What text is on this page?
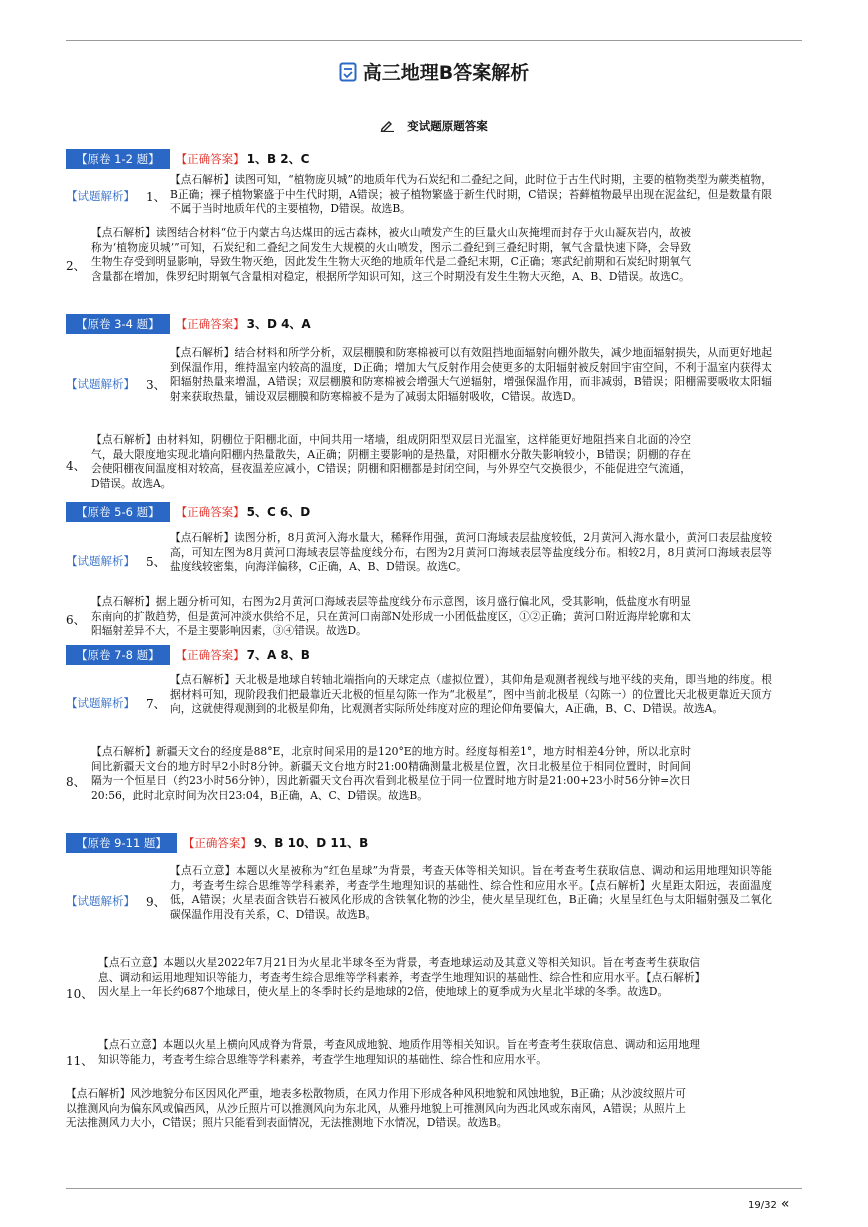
高三地理B答案解析
变试题原题答案
【原卷 1-2 题】 【正确答案】 1、B 2、C
【试题解析】 1、
【点石解析】读图可知，“植物庞贝城”的地质年代为石炭纪和二叠纪之间，此时位于古生代时期，主要的植物类型为蕨类植物，B正确；裸子植物繁盛于中生代时期，A错误；被子植物繁盛于新生代时期，C错误；苔藓植物最早出现在泥盆纪，但是数量有限不属于当时地质年代的主要植物，D错误。故选B。
2、
【点石解析】读图结合材料“位于内蒙古乌达煤田的远古森林，被火山喷发产生的巨量火山灰掩埋而封存于火山凝灰岩内，故被称为‘植物庞贝城’”可知，石炭纪和二叠纪之间发生大规模的火山喷发，图示二叠纪到三叠纪时期，氧气含量快速下降，会导致生物生存受到明显影响，导致生物灭绝，因此发生生物大灭绝的地质年代是二叠纪末期，C正确；寒武纪前期和石炭纪时期氧气含量都在增加，侏罗纪时期氧气含量相对稳定，根据所学知识可知，这三个时期没有发生生物大灭绝，A、B、D错误。故选C。
【原卷 3-4 题】 【正确答案】 3、D 4、A
【试题解析】 3、
【点石解析】结合材料和所学分析，双层棚膜和防寒棉被可以有效阻挡地面辐射向棚外散失，减少地面辐射损失，从而更好地起到保温作用，维持温室内较高的温度，D正确；增加大气反射作用会使更多的太阳辐射被反射回宇宙空间，不利于温室内获得太阳辐射热量来增温，A错误；双层棚膜和防寒棉被会增强大气逆辐射，增强保温作用，而非减弱，B错误；阳棚需要吸收太阳辐射来获取热量，铺设双层棚膜和防寒棉被不是为了减弱太阳辐射吸收，C错误。故选D。
4、
【点石解析】由材料知，阴棚位于阳棚北面，中间共用一堵墙，组成阴阳型双层日光温室，这样能更好地阻挡来自北面的冷空气，最大限度地实现北墙向阳棚内热量散失，A正确；阴棚主要影响的是热量，对阳棚水分散失影响较小，B错误；阴棚的存在会使阳棚夜间温度相对较高，昼夜温差应减小，C错误；阴棚和阳棚都是封闭空间，与外界空气交换很少，不能促进空气流通，D错误。故选A。
【原卷 5-6 题】 【正确答案】 5、C 6、D
【试题解析】 5、
【点石解析】读图分析，8月黄河入海水量大，稀释作用强，黄河口海域表层盐度较低，2月黄河入海水量小，黄河口表层盐度较高，可知左图为8月黄河口海域表层等盐度线分布，右图为2月黄河口海域表层等盐度线分布。相较2月，8月黄河口海域表层等盐度线较密集，向海洋偏移，C正确，A、B、D错误。故选C。
6、
【点石解析】据上题分析可知，右图为2月黄河口海域表层等盐度线分布示意图，该月盛行偏北风，受其影响，低盐度水有明显东南向的扩散趋势，但是黄河冲淡水供给不足，只在黄河口南部N处形成一小团低盐度区，①②正确；黄河口附近海岸轮廓和太阳辐射差异不大，不是主要影响因素，③④错误。故选D。
【原卷 7-8 题】 【正确答案】 7、A 8、B
【试题解析】 7、
【点石解析】天北极是地球自转轴北端指向的天球定点（虚拟位置），其仰角是观测者视线与地平线的夹角，即当地的纬度。根据材料可知，现阶段我们把最靠近天北极的恒星勾陈一作为“北极星”，图中当前北极星（勾陈一）的位置比天北极更靠近天顶方向，这就使得观测到的北极星仰角，比观测者实际所处纬度对应的理论仰角要偏大，A正确，B、C、D错误。故选A。
8、
【点石解析】新疆天文台的经度是88°E，北京时间采用的是120°E的地方时。经度每相差1°，地方时相差4分钟，所以北京时间比新疆天文台的地方时早2小时8分钟。新疆天文台地方时21:00精确测量北极星位置，次日北极星位于相同位置时，时间间隔为一个恒星日（约23小时56分钟），因此新疆天文台再次看到北极星位于同一位置时地方时是21:00+23小时56分钟=次日20:56，此时北京时间为次日23:04，B正确，A、C、D错误。故选B。
【原卷 9-11 题】 【正确答案】 9、B 10、D 11、B
【试题解析】 9、
【点石立意】本题以火星被称为“红色星球”为背景，考查天体等相关知识。旨在考查考生获取信息、调动和运用地理知识等能力，考查考生综合思维等学科素养，考查学生地理知识的基础性、综合性和应用水平。【点石解析】火星距太阳远，表面温度低，A错误；火星表面含铁岩石被风化形成的含铁氧化物的沙尘，使火星呈现红色，B正确；火星呈红色与太阳辐射强及二氧化碳保温作用没有关系，C、D错误。故选B。
10、
【点石立意】本题以火星2022年7月21日为火星北半球冬至为背景，考查地球运动及其意义等相关知识。旨在考查考生获取信息、调动和运用地理知识等能力，考查考生综合思维等学科素养，考查学生地理知识的基础性、综合性和应用水平。【点石解析】因火星上一年长约687个地球日，使火星上的冬季时长约是地球的2倍，使地球上的夏季成为火星北半球的冬季。故选D。
11、
【点石立意】本题以火星上横向风成脊为背景，考查风成地貌、地质作用等相关知识。旨在考查考生获取信息、调动和运用地理知识等能力，考查考生综合思维等学科素养，考查学生地理知识的基础性、综合性和应用水平。
【点石解析】风沙地貌分布区因风化严重，地表多松散物质，在风力作用下形成各种风积地貌和风蚀地貌，B正确；从沙波纹照片可以推测风向为偏东风或偏西风，从沙丘照片可以推测风向为东北风，从雅丹地貌上可推测风向为西北风或东南风，A错误；从照片上无法推测风力大小，C错误；照片只能看到表面情况，无法推测地下水情况，D错误。故选B。
19/32 «
